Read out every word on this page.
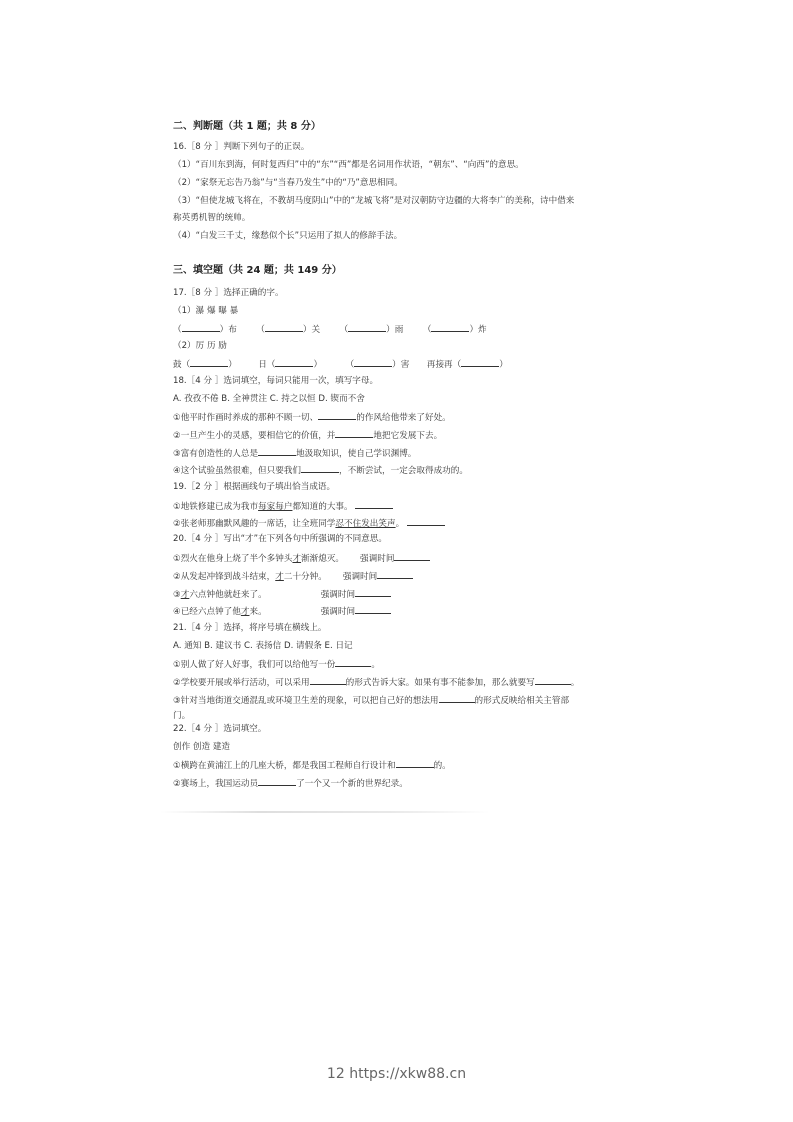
二、判断题（共 1 题；共 8 分）
16.［8 分 ］判断下列句子的正误。
（1）“百川东到海，何时复西归”中的“东”“西”都是名词用作状语，“朝东”、“向西”的意思。
（2）“家祭无忘告乃翁”与“当春乃发生”中的“乃”意思相同。
（3）“但使龙城飞将在，不教胡马度阴山”中的“龙城飞将”是对汉朝防守边疆的大将李广的美称，诗中借来
称英勇机智的统帅。
（4）“白发三千丈，缘愁似个长”只运用了拟人的修辞手法。
三、填空题（共 24 题；共 149 分）
17.［8 分 ］选择正确的字。
（1）瀑 爆 曝 暴
（	）布 （	）关 （	）雨 （	）炸
（2）厉 历 励
鼓（	） 日（	）	（	）害 再接再（	）
18.［4 分 ］选词填空，每词只能用一次，填写字母。
A. 孜孜不倦 B. 全神贯注 C. 持之以恒 D. 锲而不舍
①他平时作画时养成的那种不顾一切、	的作风给他带来了好处。
②一旦产生小的灵感，要相信它的价值，并	地把它发展下去。
③富有创造性的人总是	地汲取知识，使自己学识渊博。
④这个试验虽然很难，但只要我们	，不断尝试，一定会取得成功的。
19.［2 分 ］根据画线句子填出恰当成语。
①地铁修建已成为我市每家每户都知道的大事。
②张老师那幽默风趣的一席话，让全班同学忍不住发出笑声。
20.［4 分 ］写出“才”在下列各句中所强调的不同意思。
①烈火在他身上烧了半个多钟头才渐渐熄灭。 强调时间
②从发起冲锋到战斗结束，才二十分钟。 强调时间
③才六点钟他就赶来了。	强调时间
④已经六点钟了他才来。	强调时间
21.［4 分 ］选择，将序号填在横线上。
A. 通知 B. 建议书 C. 表扬信 D. 请假条 E. 日记
①别人做了好人好事，我们可以给他写一份	。
②学校要开展或举行活动，可以采用	的形式告诉大家。如果有事不能参加，那么就要写	。
③针对当地街道交通混乱或环境卫生差的现象，可以把自己好的想法用	的形式反映给相关主管部
门。
22.［4 分 ］选词填空。
创作 创造 建造
①横跨在黄浦江上的几座大桥，都是我国工程师自行设计和	的。
②赛场上，我国运动员	了一个又一个新的世界纪录。
12 https://xkw88.cn
